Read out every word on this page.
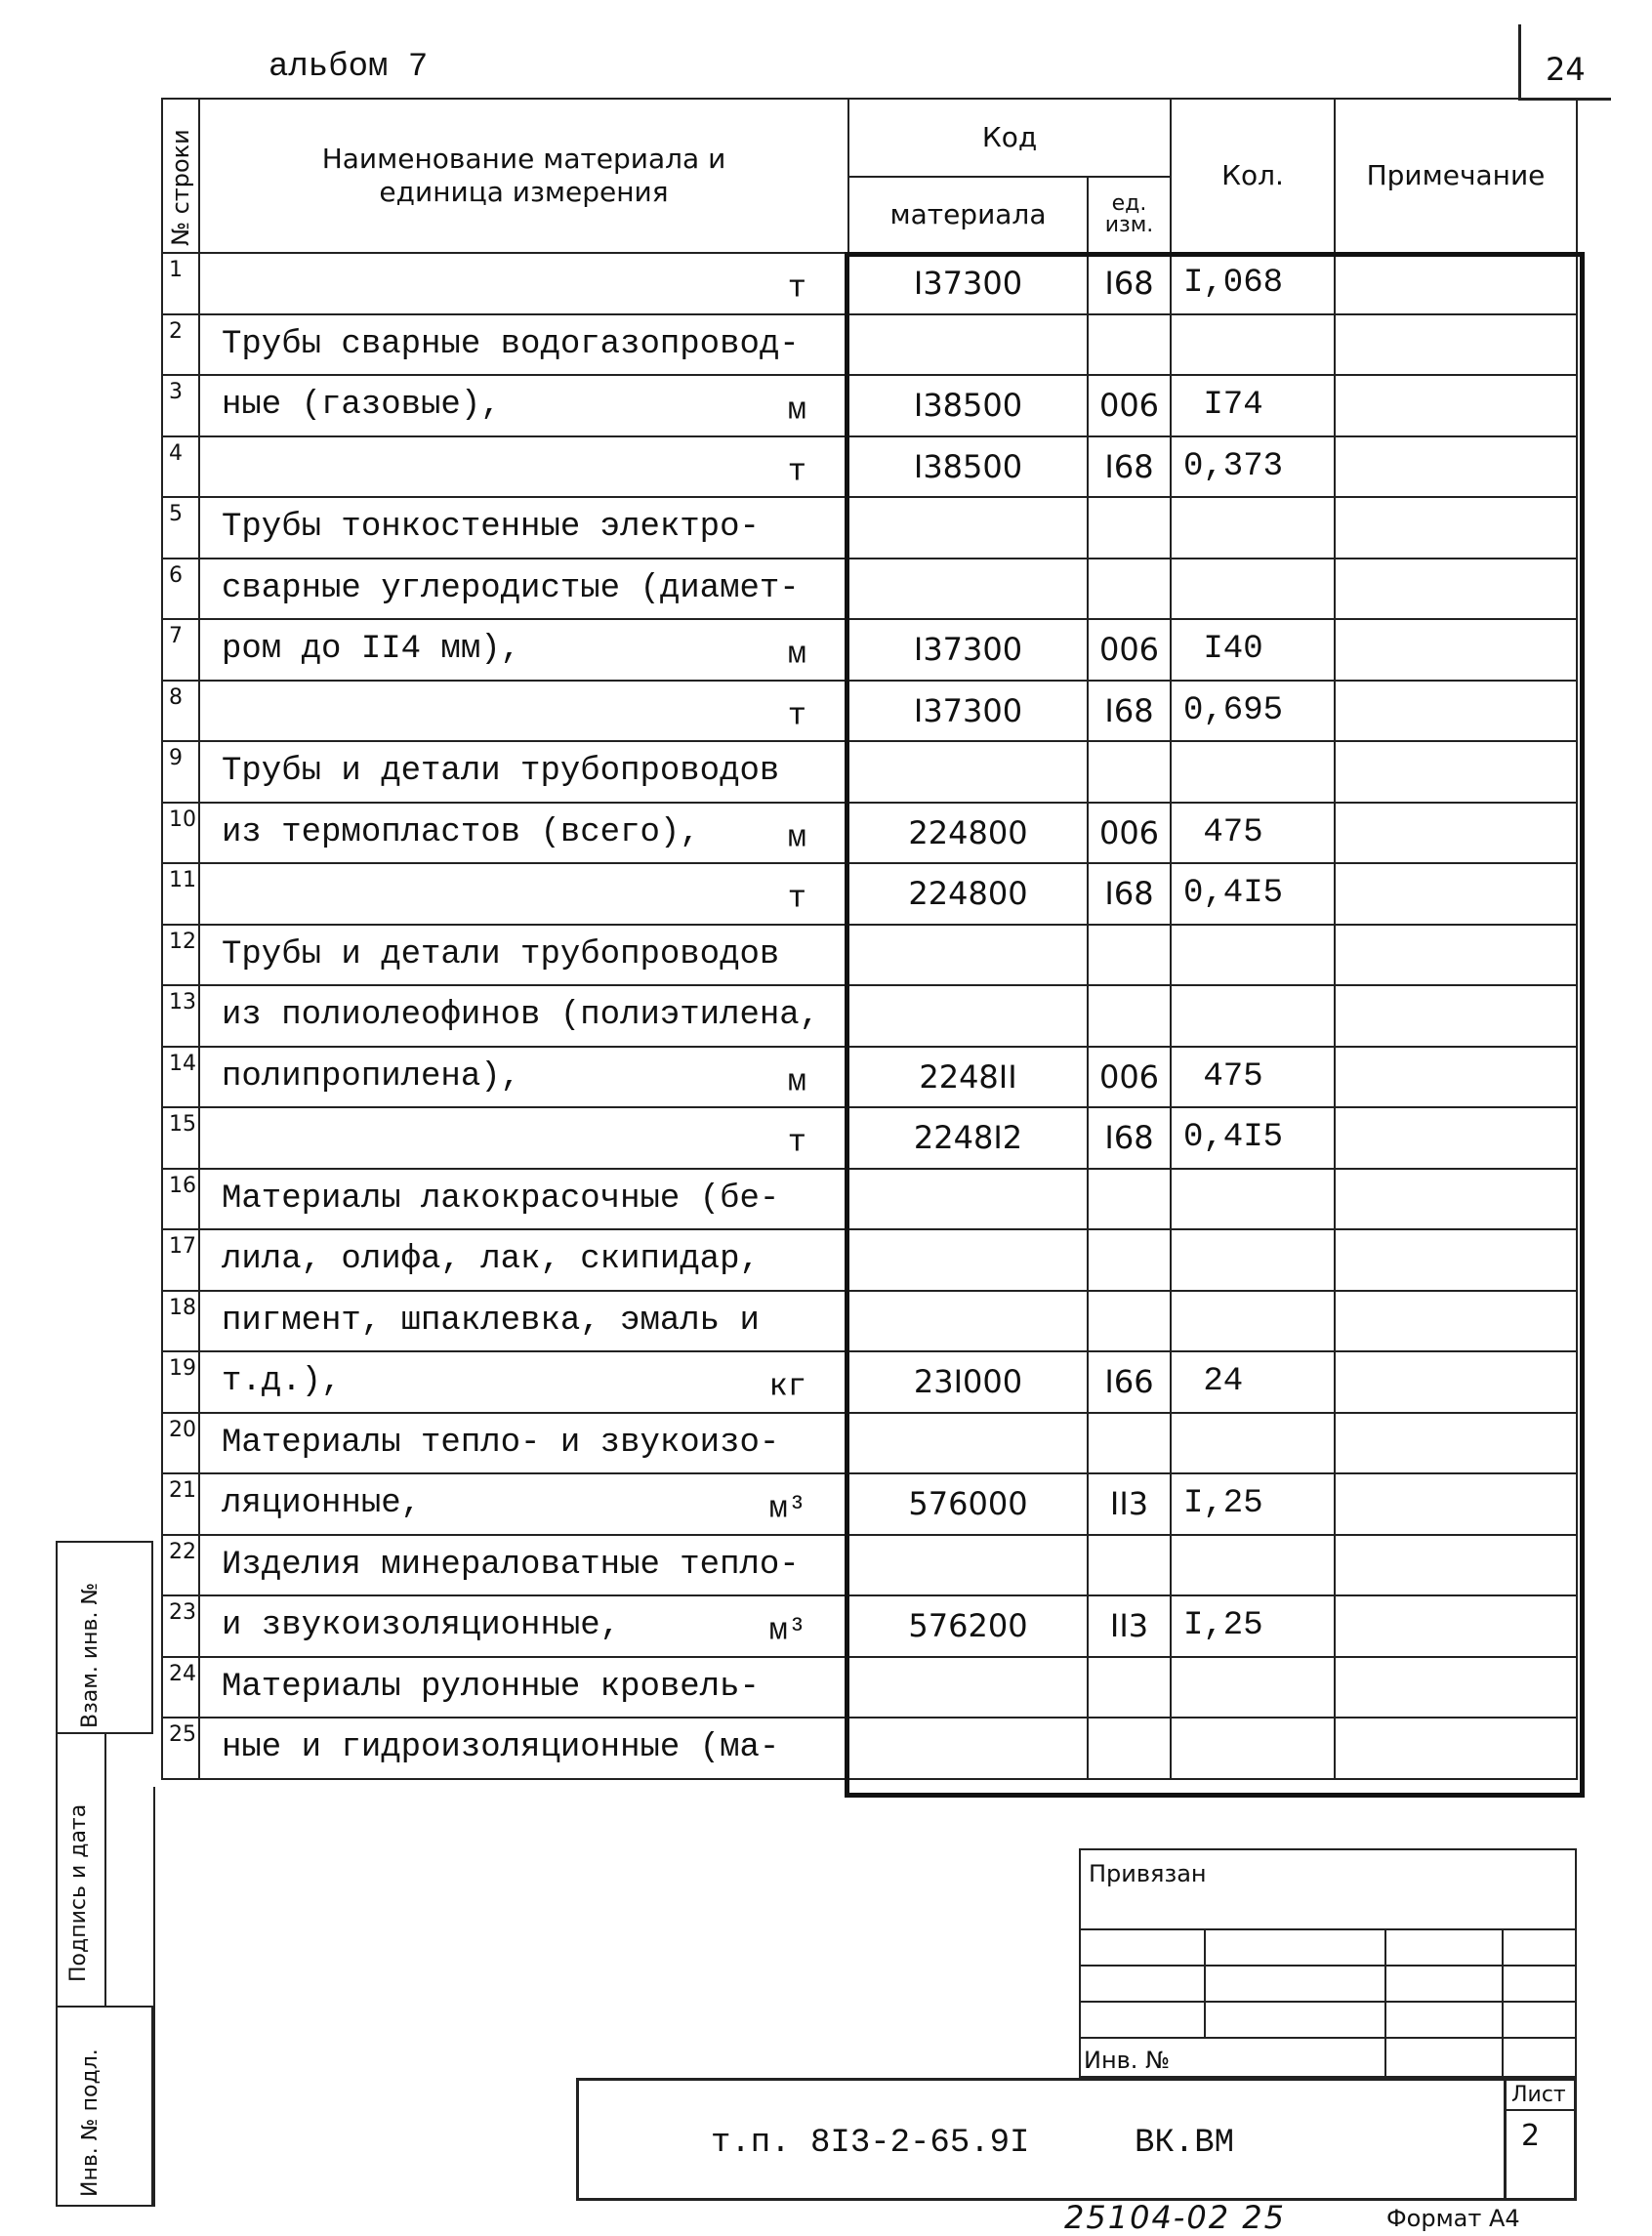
альбом 7	24
№ строки	Наименование материала и единица измерения	Код		Кол.	Примечание
		материала	ед. изм.		
1	т	I37300	I68	I,068	
2	Трубы сварные водогазопровод-				

3	ные (газовые), м	I38500	006	I74	
4	т	I38500	I68	0,373	
5	Трубы тонкостенные электро-				

6	сварные углеродистые (диамет-				

7	ром до II4 мм), м	I37300	006	I40	
8	т	I37300	I68	0,695	
9	Трубы и детали трубопроводов				

10	из термопластов (всего), м	224800	006	475	
11	т	224800	I68	0,4I5	
12	Трубы и детали трубопроводов				

13	из полиолеофинов (полиэтилена,				

14	полипропилена), м	2248II	006	475	
15	т	2248I2	I68	0,4I5	
16	Материалы лакокрасочные (бе-				

17	лила, олифа, лак, скипидар,				

18	пигмент, шпаклевка, эмаль и				

19	т.д.), кг	23I000	I66	24	
20	Материалы тепло- и звукоизо-				

21	ляционные, м³	576000	II3	I,25	
22	Изделия минераловатные тепло-				

23	и звукоизоляционные, м³	576200	II3	I,25	
24	Материалы рулонные кровель-				

25	ные и гидроизоляционные (ма-				

Взам. инв. №
Подпись и дата
Инв. № подл.
Привязан
Инв. №
Лист
2
т.п. 8I3-2-65.9I	ВК.ВМ
25104-02 25	Формат А4
